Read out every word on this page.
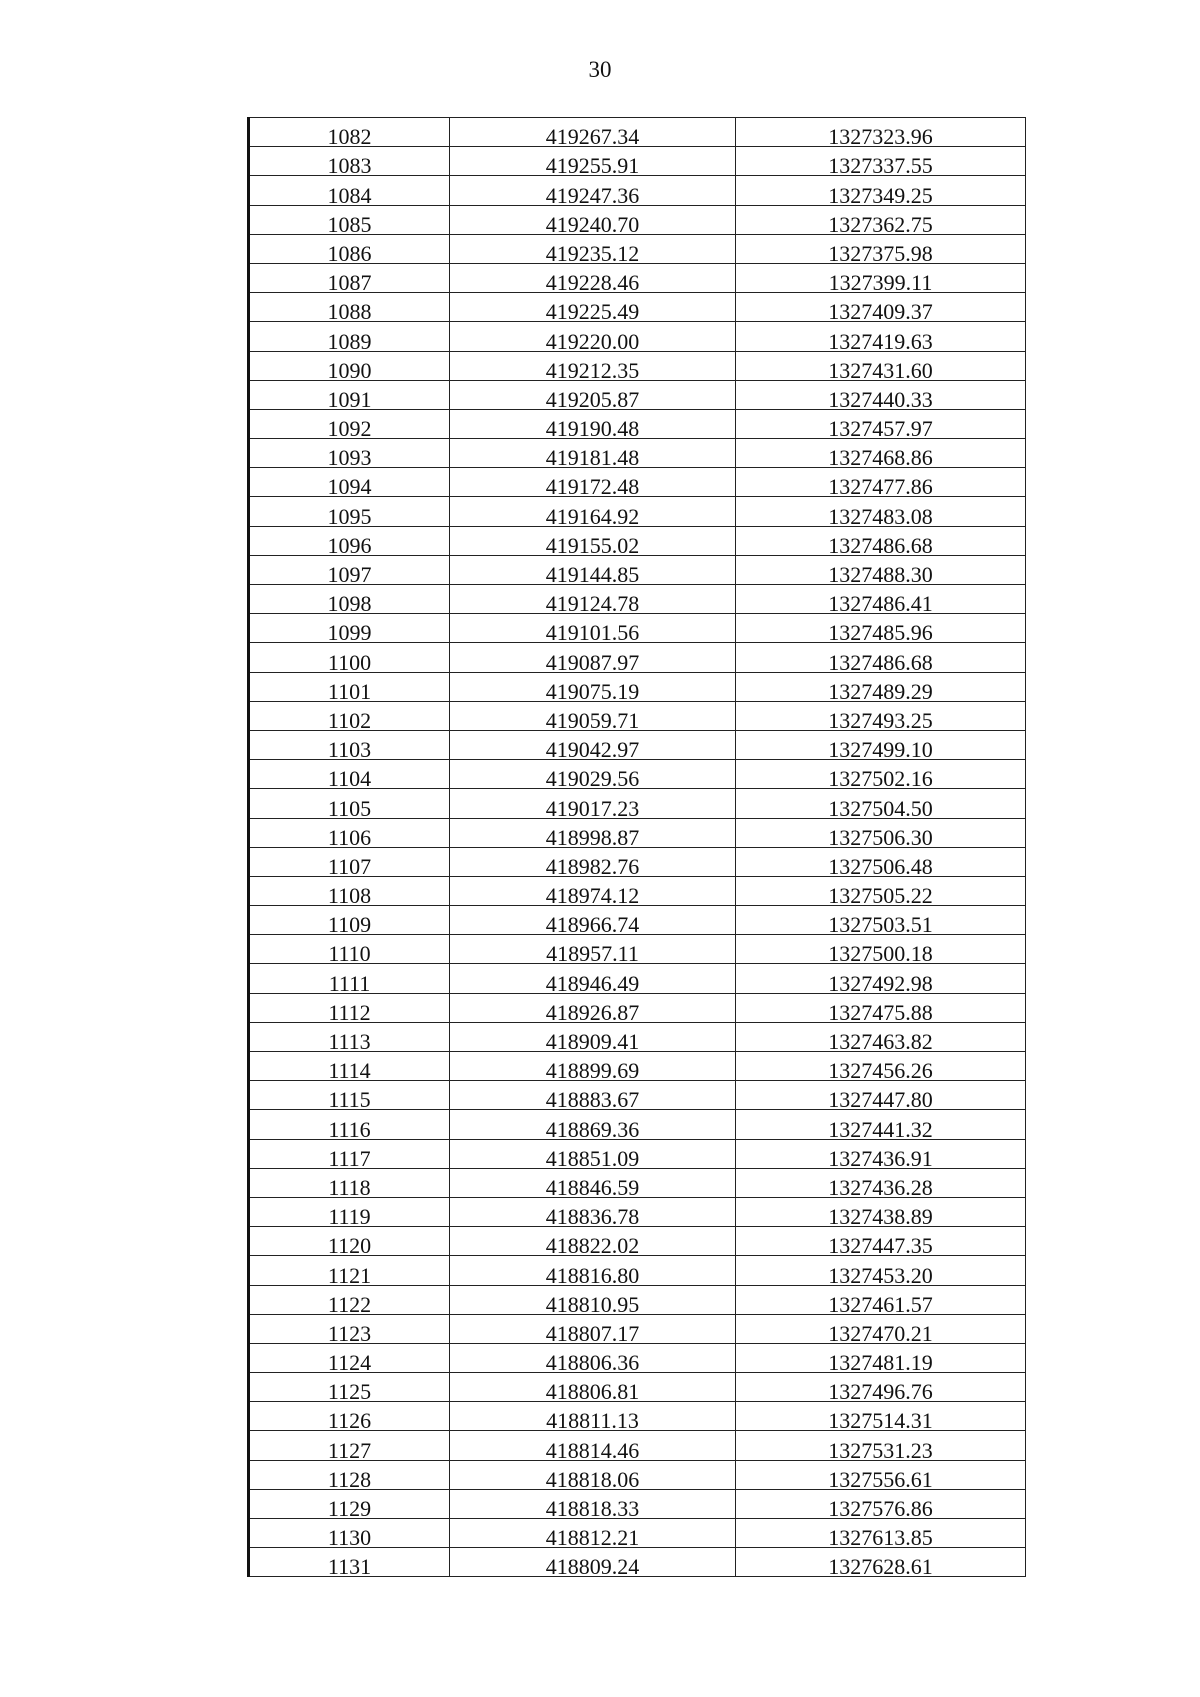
30
1082	419267.34	1327323.96
1083	419255.91	1327337.55
1084	419247.36	1327349.25
1085	419240.70	1327362.75
1086	419235.12	1327375.98
1087	419228.46	1327399.11
1088	419225.49	1327409.37
1089	419220.00	1327419.63
1090	419212.35	1327431.60
1091	419205.87	1327440.33
1092	419190.48	1327457.97
1093	419181.48	1327468.86
1094	419172.48	1327477.86
1095	419164.92	1327483.08
1096	419155.02	1327486.68
1097	419144.85	1327488.30
1098	419124.78	1327486.41
1099	419101.56	1327485.96
1100	419087.97	1327486.68
1101	419075.19	1327489.29
1102	419059.71	1327493.25
1103	419042.97	1327499.10
1104	419029.56	1327502.16
1105	419017.23	1327504.50
1106	418998.87	1327506.30
1107	418982.76	1327506.48
1108	418974.12	1327505.22
1109	418966.74	1327503.51
1110	418957.11	1327500.18
1111	418946.49	1327492.98
1112	418926.87	1327475.88
1113	418909.41	1327463.82
1114	418899.69	1327456.26
1115	418883.67	1327447.80
1116	418869.36	1327441.32
1117	418851.09	1327436.91
1118	418846.59	1327436.28
1119	418836.78	1327438.89
1120	418822.02	1327447.35
1121	418816.80	1327453.20
1122	418810.95	1327461.57
1123	418807.17	1327470.21
1124	418806.36	1327481.19
1125	418806.81	1327496.76
1126	418811.13	1327514.31
1127	418814.46	1327531.23
1128	418818.06	1327556.61
1129	418818.33	1327576.86
1130	418812.21	1327613.85
1131	418809.24	1327628.61
